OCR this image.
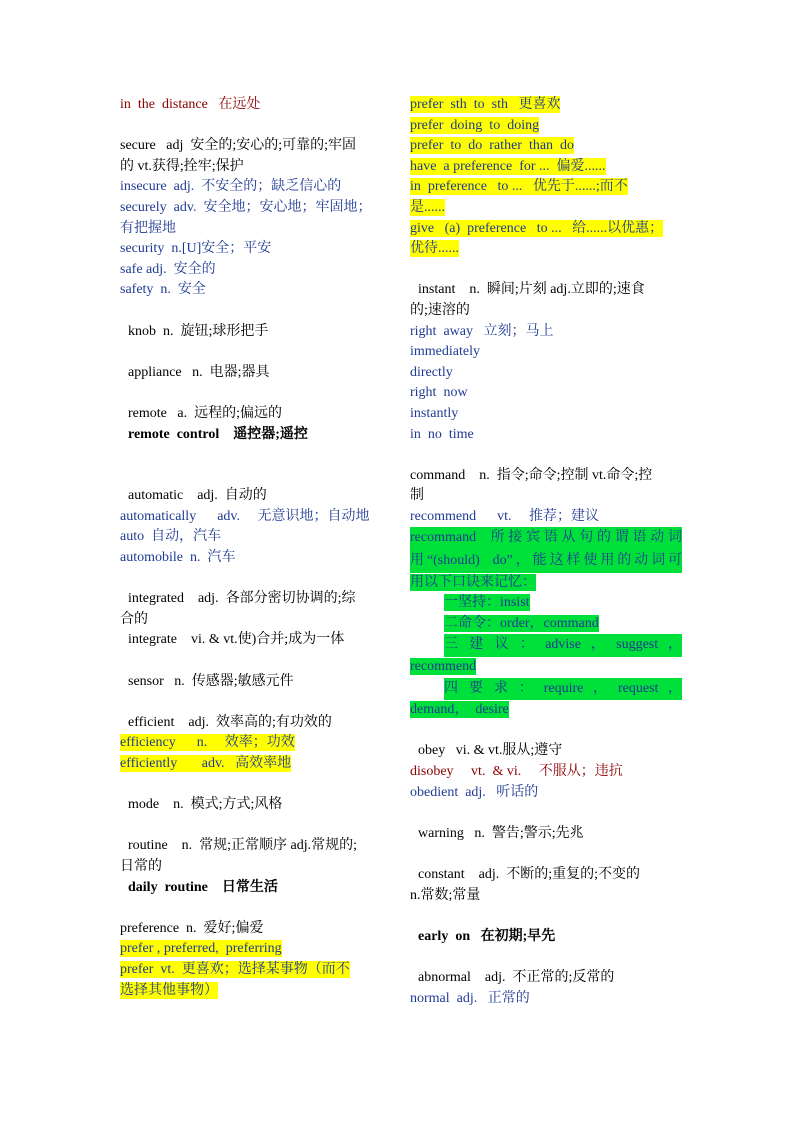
in  the  distance   在远处
secure   adj  安全的;安心的;可靠的;牢固
的 vt.获得;拴牢;保护
insecure  adj.  不安全的；缺乏信心的
securely  adv.  安全地；安心地；牢固地；
有把握地
security  n.[U]安全；平安
safe adj.  安全的
safety  n.  安全
knob  n.  旋钮;球形把手
appliance   n.  电器;器具
remote   a.  远程的;偏远的
remote  control    遥控器;遥控
automatic    adj.  自动的
automatically      adv.     无意识地；自动地
auto  自动，汽车
automobile  n.  汽车
integrated    adj.  各部分密切协调的;综
合的
integrate    vi. & vt.使)合并;成为一体
sensor   n.  传感器;敏感元件
efficient    adj.  效率高的;有功效的
efficiency      n.     效率；功效
efficiently       adv.   高效率地
mode    n.  模式;方式;风格
routine    n.  常规;正常顺序 adj.常规的;
日常的
daily  routine    日常生活
preference  n.  爱好;偏爱
prefer , preferred,  preferring
prefer  vt.  更喜欢；选择某事物（而不
选择其他事物）
prefer  sth  to  sth   更喜欢
prefer  doing  to  doing
prefer  to  do  rather  than  do
have  a preference  for ...  偏爱......
in  preference   to ...   优先于......;而不
是......
give   (a)  preference   to ...   给......以优惠；
优待......
instant    n.  瞬间;片刻 adj.立即的;速食
的;速溶的
right  away   立刻；马上
immediately
directly
right  now
instantly
in  no  time
command    n.  指令;命令;控制 vt.命令;控
制
recommend      vt.     推荐；建议
recommand  所接宾语从句的谓语动词
用“(should)  do”，能这样使用的动词可
用以下口诀来记忆：
一坚持：insist
二命令：order，command
三  建  议  ：  advise  ，  suggest  ，
recommend
四  要  求  ：  require  ，  request  ，
demand，  desire
obey   vi. & vt.服从;遵守
disobey     vt.  & vi.     不服从；违抗
obedient  adj.   听话的
warning   n.  警告;警示;先兆
constant    adj.  不断的;重复的;不变的
n.常数;常量
early  on   在初期;早先
abnormal    adj.  不正常的;反常的
normal  adj.   正常的
